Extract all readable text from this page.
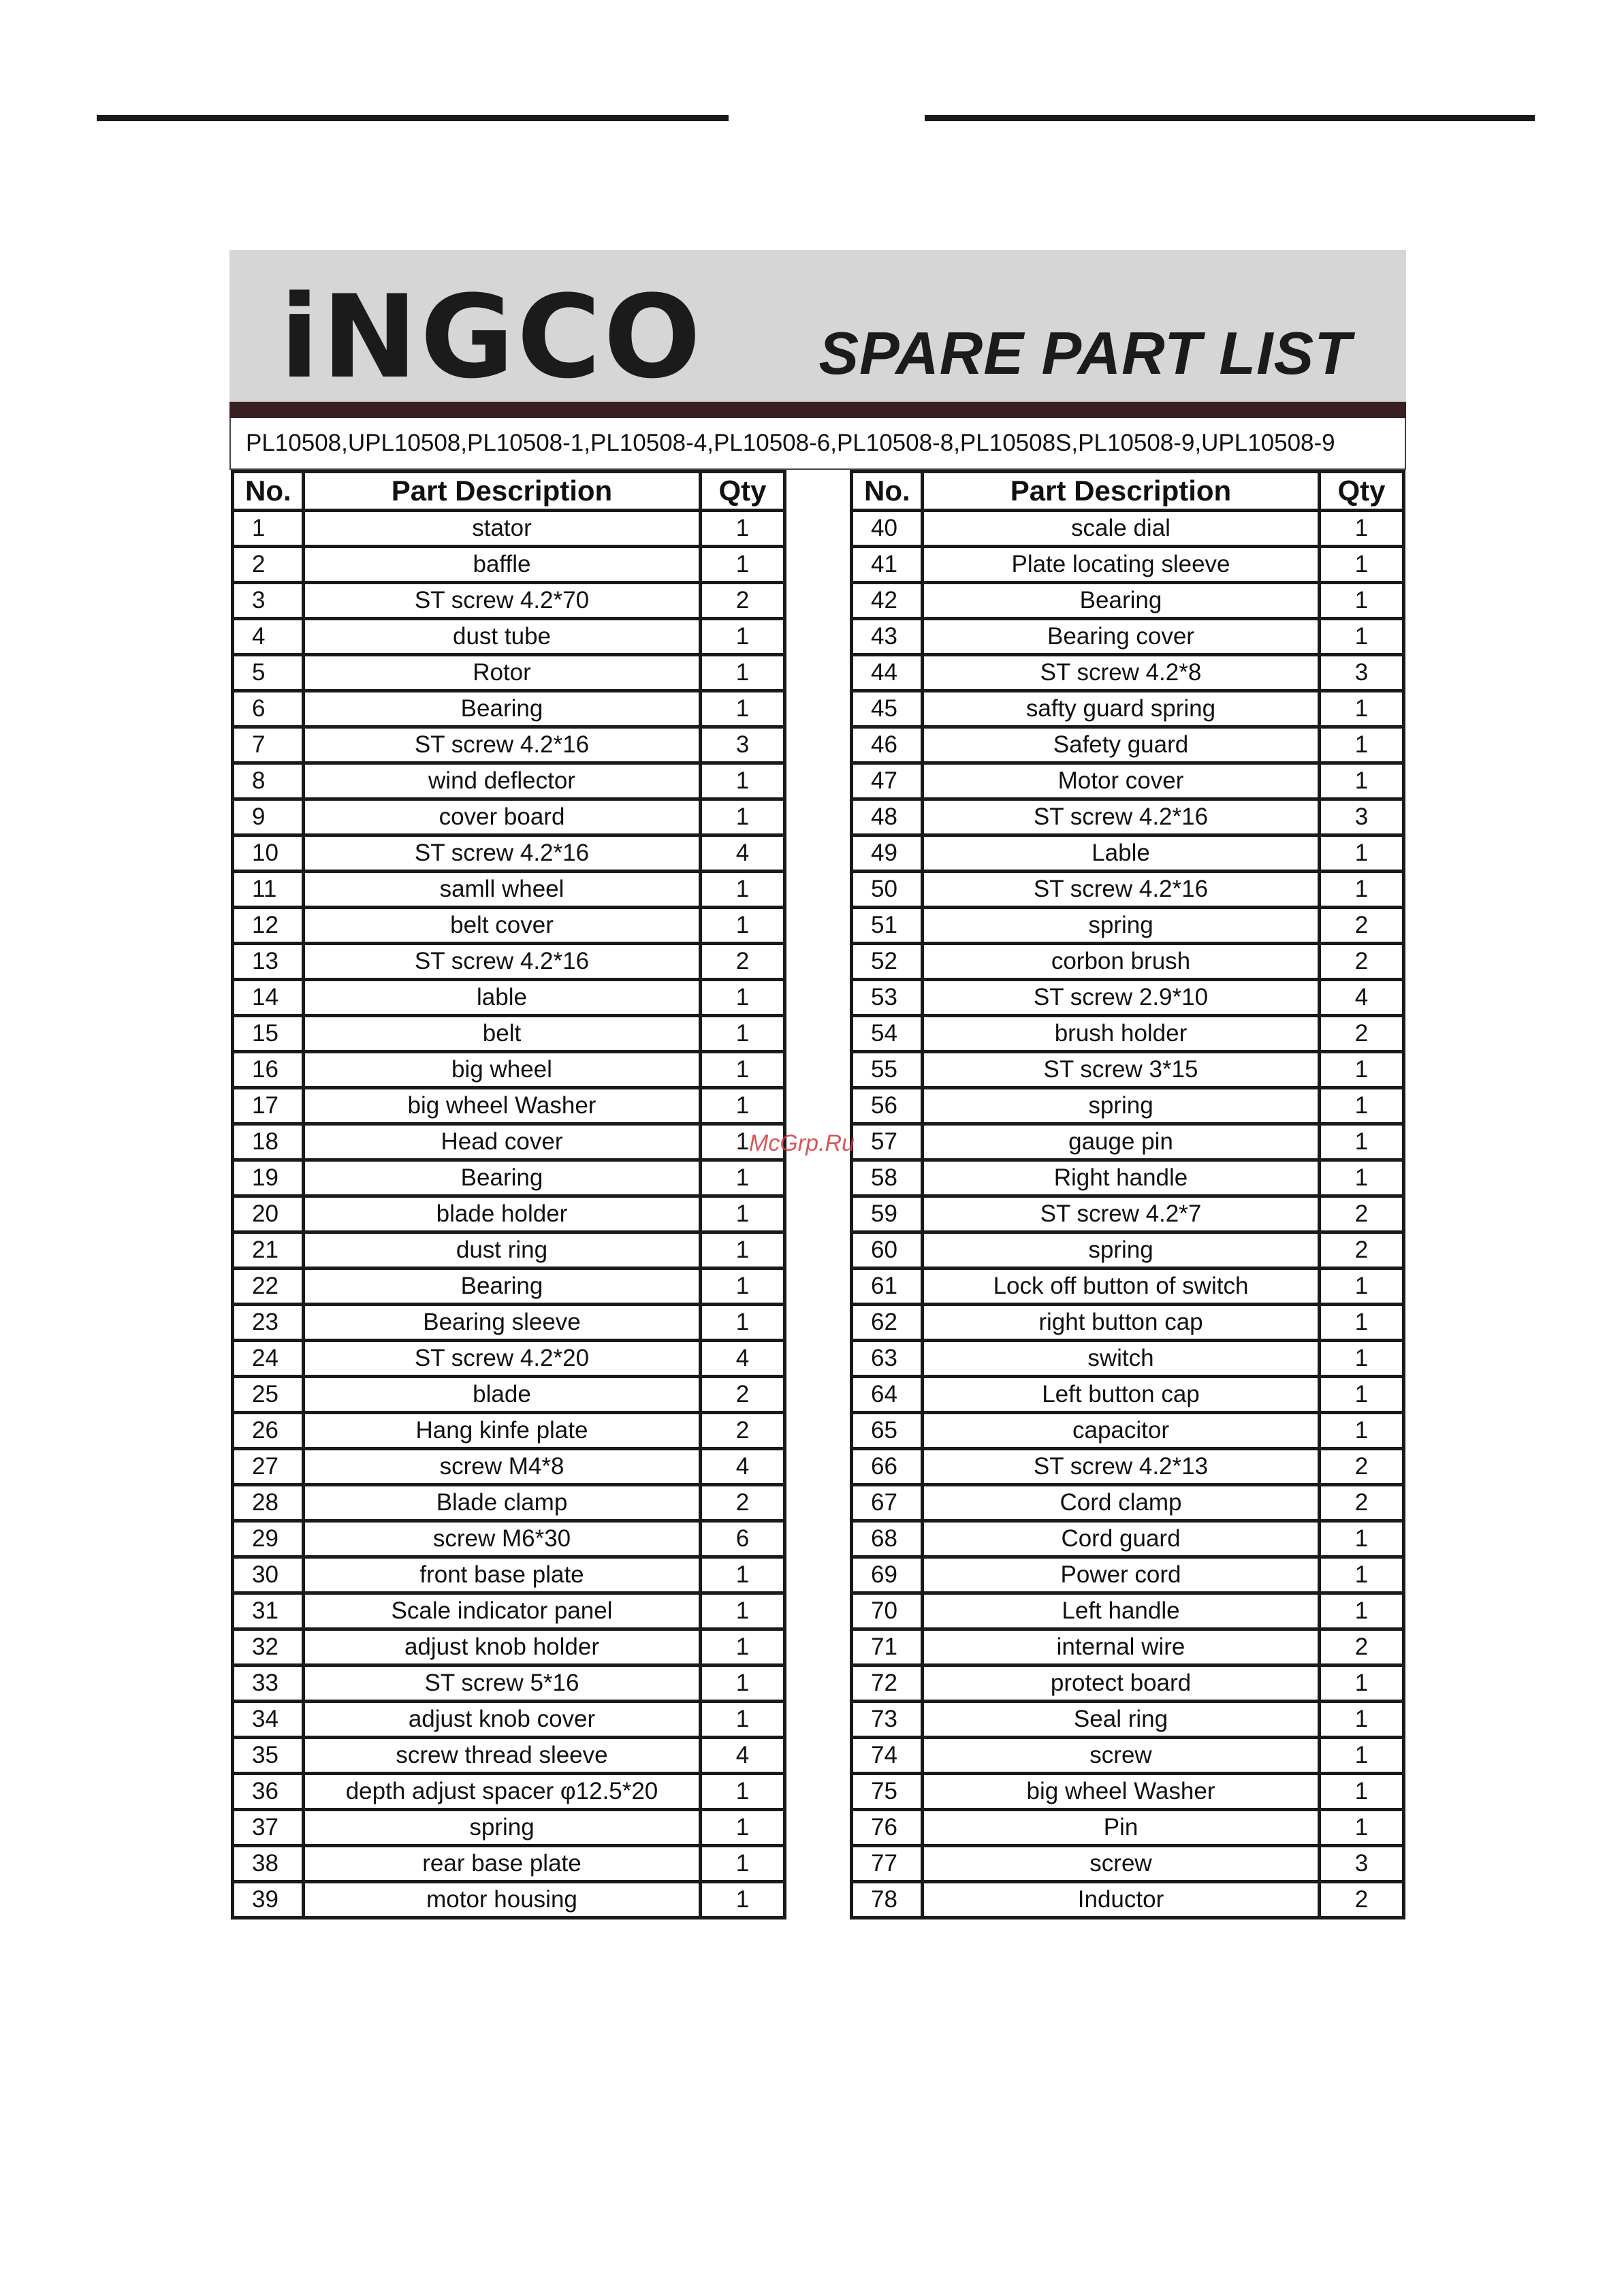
iNGCO SPARE PART LIST
PL10508,UPL10508,PL10508-1,PL10508-4,PL10508-6,PL10508-8,PL10508S,PL10508-9,UPL10508-9
No.	Part Description	Qty
1	stator	1
2	baffle	1
3	ST screw 4.2*70	2
4	dust tube	1
5	Rotor	1
6	Bearing	1
7	ST screw 4.2*16	3
8	wind deflector	1
9	cover board	1
10	ST screw 4.2*16	4
11	samll wheel	1
12	belt cover	1
13	ST screw 4.2*16	2
14	lable	1
15	belt	1
16	big wheel	1
17	big wheel Washer	1
18	Head cover	1
19	Bearing	1
20	blade holder	1
21	dust ring	1
22	Bearing	1
23	Bearing sleeve	1
24	ST screw 4.2*20	4
25	blade	2
26	Hang kinfe plate	2
27	screw M4*8	4
28	Blade clamp	2
29	screw M6*30	6
30	front base plate	1
31	Scale indicator panel	1
32	adjust knob holder	1
33	ST screw 5*16	1
34	adjust knob cover	1
35	screw thread sleeve	4
36	depth adjust spacer φ12.5*20	1
37	spring	1
38	rear base plate	1
39	motor housing	1
No.	Part Description	Qty
40	scale dial	1
41	Plate locating sleeve	1
42	Bearing	1
43	Bearing cover	1
44	ST screw 4.2*8	3
45	safty guard spring	1
46	Safety guard	1
47	Motor cover	1
48	ST screw 4.2*16	3
49	Lable	1
50	ST screw 4.2*16	1
51	spring	2
52	corbon brush	2
53	ST screw 2.9*10	4
54	brush holder	2
55	ST screw 3*15	1
56	spring	1
57	gauge pin	1
58	Right handle	1
59	ST screw 4.2*7	2
60	spring	2
61	Lock off button of switch	1
62	right button cap	1
63	switch	1
64	Left button cap	1
65	capacitor	1
66	ST screw 4.2*13	2
67	Cord clamp	2
68	Cord guard	1
69	Power cord	1
70	Left handle	1
71	internal wire	2
72	protect board	1
73	Seal ring	1
74	screw	1
75	big wheel Washer	1
76	Pin	1
77	screw	3
78	Inductor	2
McGrp.Ru
